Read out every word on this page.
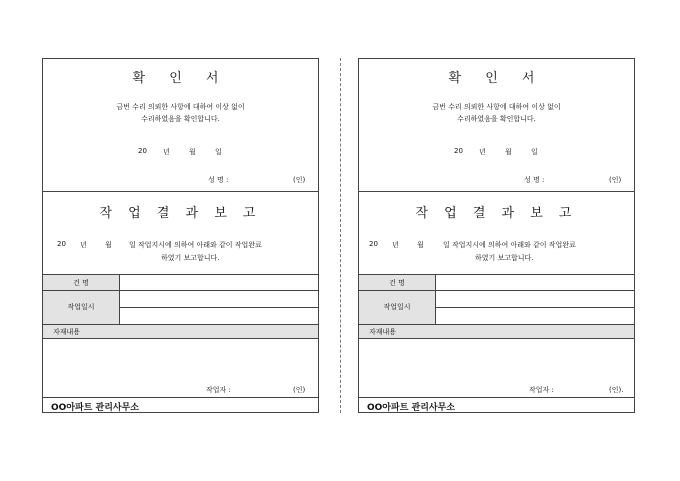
확 인 서
금번 수리 의뢰한 사항에 대하여 이상 없이
수리하였음을 확인합니다.
20 년	월	일
성 명 :	(인)
작 업 결 과 보 고
20 년	월 일 작업지시에 의하여 아래와 같이 작업완료
하였기 보고합니다.
건 명
작업일시
자재내용
작업자 :	(인)
OO아파트 관리사무소
확 인 서
금번 수리 의뢰한 사항에 대하여 이상 없이
수리하였음을 확인합니다.
20 년	월	일
성 명 :	(인)
작 업 결 과 보 고
20 년	월	일 작업지시에 의하여 아래와 같이 작업완료
하였기 보고합니다.
건 명
작업일시
자재내용
작업자 :	(인).
OO아파트 관리사무소
